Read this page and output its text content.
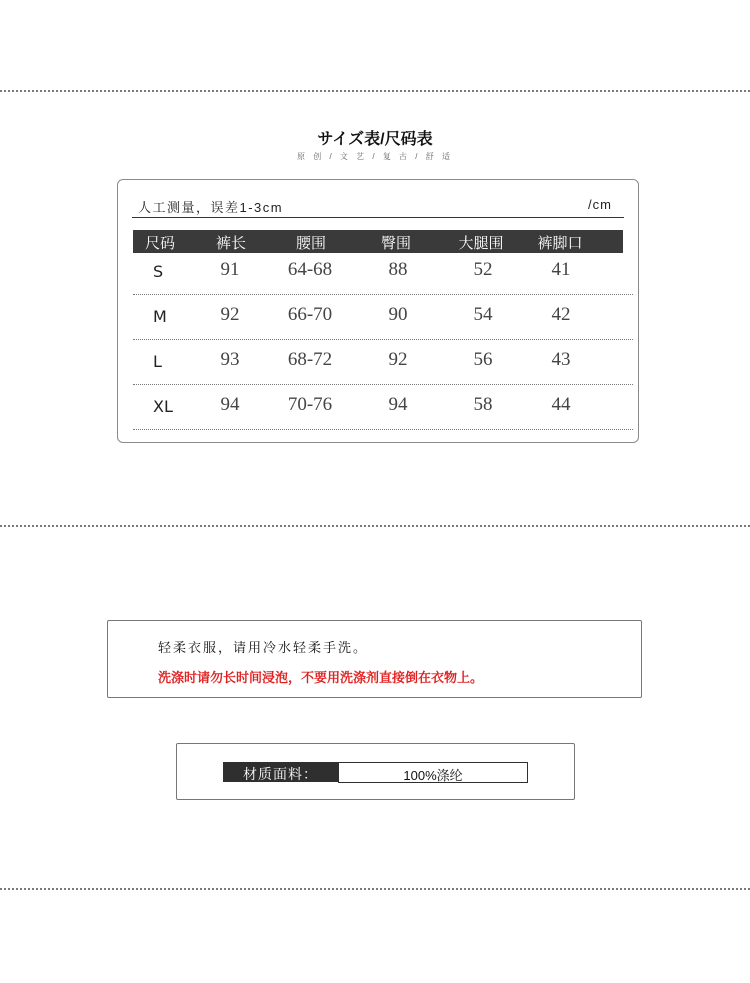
サイズ表/尺码表
原 创 / 文 艺 / 复 古 / 舒 适
人工测量，误差1-3cm	/cm
尺码	裤长	腰围	臀围	大腿围	裤脚口
S	91	64-68	88	52	41
M	92	66-70	90	54	42
L	93	68-72	92	56	43
XL	94	70-76	94	58	44
轻柔衣服，请用冷水轻柔手洗。
洗涤时请勿长时间浸泡，不要用洗涤剂直接倒在衣物上。
材质面料：	100%涤纶
